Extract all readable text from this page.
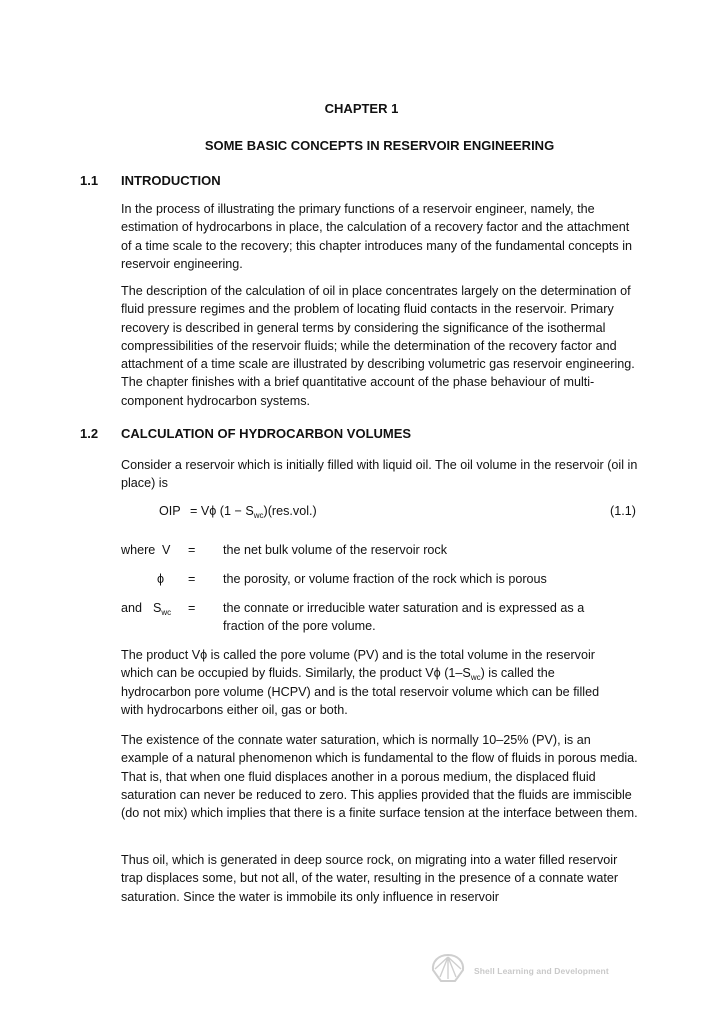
CHAPTER 1
SOME BASIC CONCEPTS IN RESERVOIR ENGINEERING
1.1 INTRODUCTION

In the process of illustrating the primary functions of a reservoir engineer, namely, the estimation of hydrocarbons in place, the calculation of a recovery factor and the attachment of a time scale to the recovery; this chapter introduces many of the fundamental concepts in reservoir engineering.

The description of the calculation of oil in place concentrates largely on the determination of fluid pressure regimes and the problem of locating fluid contacts in the reservoir. Primary recovery is described in general terms by considering the significance of the isothermal compressibilities of the reservoir fluids; while the determination of the recovery factor and attachment of a time scale are illustrated by describing volumetric gas reservoir engineering. The chapter finishes with a brief quantitative account of the phase behaviour of multi-component hydrocarbon systems.

1.2 CALCULATION OF HYDROCARBON VOLUMES

Consider a reservoir which is initially filled with liquid oil. The oil volume in the reservoir (oil in place) is

OIP = Vϕ $(1 - S_{wc})(res.vol.)$	(1.1)
where V = the net bulk volume of the reservoir rock
ϕ = the porosity, or volume fraction of the rock which is porous
and $S_{wc}$ = the connate or irreducible water saturation and is expressed as a
fraction of the pore volume.
The product Vϕ is called the pore volume (PV) and is the total volume in the reservoir
which can be occupied by fluids. Similarly, the product Vϕ $(1-S_{wc})$ is called the
hydrocarbon pore volume (HCPV) and is the total reservoir volume which can be filled
with hydrocarbons either oil, gas or both.

The existence of the connate water saturation, which is normally 10–25% (PV), is an example of a natural phenomenon which is fundamental to the flow of fluids in porous media. That is, that when one fluid displaces another in a porous medium, the displaced fluid saturation can never be reduced to zero. This applies provided that the fluids are immiscible (do not mix) which implies that there is a finite surface tension at the interface between them.

Thus oil, which is generated in deep source rock, on migrating into a water filled reservoir trap displaces some, but not all, of the water, resulting in the presence of a connate water saturation. Since the water is immobile its only influence in reservoir

Shell Learning and Development
